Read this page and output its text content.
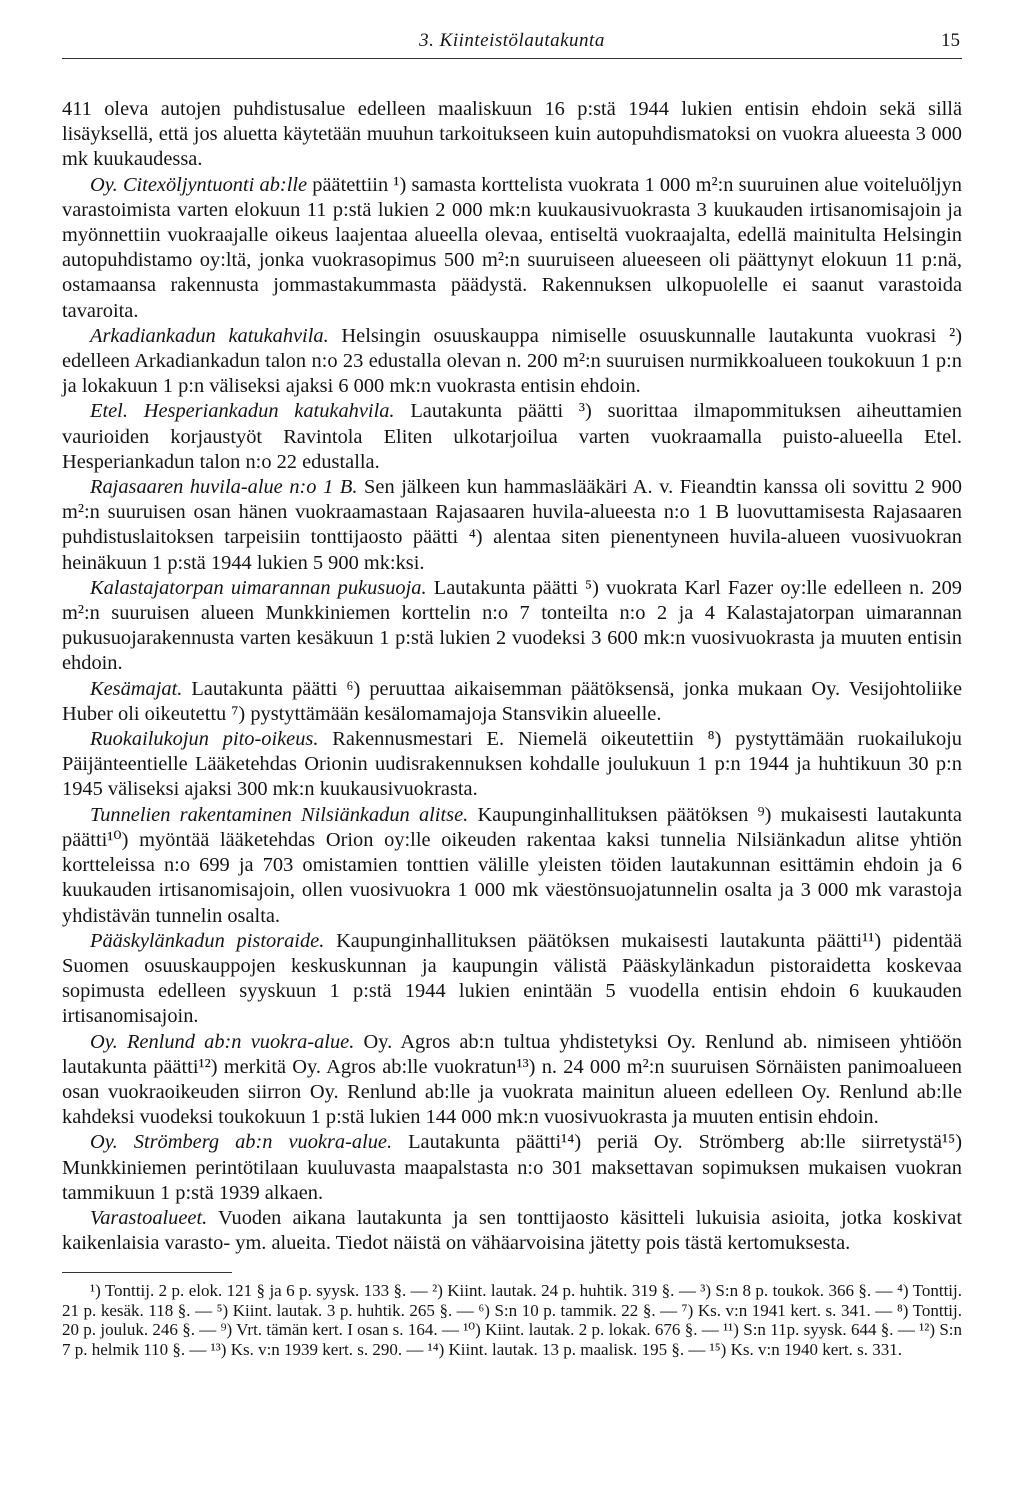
3. Kiinteistölautakunta	15

411 oleva autojen puhdistusalue edelleen maaliskuun 16 p:stä 1944 lukien entisin ehdoin sekä sillä lisäyksellä, että jos aluetta käytetään muuhun tarkoitukseen kuin autopuhdismatoksi on vuokra alueesta 3 000 mk kuukaudessa.

Oy. Citexöljyntuonti ab:lle päätettiin ¹) samasta korttelista vuokrata 1 000 m²:n suuruinen alue voiteluöljyn varastoimista varten elokuun 11 p:stä lukien 2 000 mk:n kuukausivuokrasta 3 kuukauden irtisanomisajoin ja myönnettiin vuokraajalle oikeus laajentaa alueella olevaa, entiseltä vuokraajalta, edellä mainitulta Helsingin autopuhdistamo oy:ltä, jonka vuokrasopimus 500 m²:n suuruiseen alueeseen oli päättynyt elokuun 11 p:nä, ostamaansa rakennusta jommastakummasta päädystä. Rakennuksen ulkopuolelle ei saanut varastoida tavaroita.

Arkadiankadun katukahvila. Helsingin osuuskauppa nimiselle osuuskunnalle lautakunta vuokrasi ²) edelleen Arkadiankadun talon n:o 23 edustalla olevan n. 200 m²:n suuruisen nurmikkoalueen toukokuun 1 p:n ja lokakuun 1 p:n väliseksi ajaksi 6 000 mk:n vuokrasta entisin ehdoin.

Etel. Hesperiankadun katukahvila. Lautakunta päätti ³) suorittaa ilmapommituksen aiheuttamien vaurioiden korjaustyöt Ravintola Eliten ulkotarjoilua varten vuokraamalla puisto-alueella Etel. Hesperiankadun talon n:o 22 edustalla.

Rajasaaren huvila-alue n:o 1 B. Sen jälkeen kun hammaslääkäri A. v. Fieandtin kanssa oli sovittu 2 900 m²:n suuruisen osan hänen vuokraamastaan Rajasaaren huvila-alueesta n:o 1 B luovuttamisesta Rajasaaren puhdistuslaitoksen tarpeisiin tonttijaosto päätti ⁴) alentaa siten pienentyneen huvila-alueen vuosivuokran heinäkuun 1 p:stä 1944 lukien 5 900 mk:ksi.

Kalastajatorpan uimarannan pukusuoja. Lautakunta päätti ⁵) vuokrata Karl Fazer oy:lle edelleen n. 209 m²:n suuruisen alueen Munkkiniemen korttelin n:o 7 tonteilta n:o 2 ja 4 Kalastajatorpan uimarannan pukusuojarakennusta varten kesäkuun 1 p:stä lukien 2 vuodeksi 3 600 mk:n vuosivuokrasta ja muuten entisin ehdoin.

Kesämajat. Lautakunta päätti ⁶) peruuttaa aikaisemman päätöksensä, jonka mukaan Oy. Vesijohtoliike Huber oli oikeutettu ⁷) pystyttämään kesälomamajoja Stansvikin alueelle.

Ruokailukojun pito-oikeus. Rakennusmestari E. Niemelä oikeutettiin ⁸) pystyttämään ruokailukoju Päijänteentielle Lääketehdas Orionin uudisrakennuksen kohdalle joulukuun 1 p:n 1944 ja huhtikuun 30 p:n 1945 väliseksi ajaksi 300 mk:n kuukausivuokrasta.

Tunnelien rakentaminen Nilsiänkadun alitse. Kaupunginhallituksen päätöksen ⁹) mukaisesti lautakunta päätti¹⁰) myöntää lääketehdas Orion oy:lle oikeuden rakentaa kaksi tunnelia Nilsiänkadun alitse yhtiön kortteleissa n:o 699 ja 703 omistamien tonttien välille yleisten töiden lautakunnan esittämin ehdoin ja 6 kuukauden irtisanomisajoin, ollen vuosivuokra 1 000 mk väestönsuojatunnelin osalta ja 3 000 mk varastoja yhdistävän tunnelin osalta.

Pääskylänkadun pistoraide. Kaupunginhallituksen päätöksen mukaisesti lautakunta päätti¹¹) pidentää Suomen osuuskauppojen keskuskunnan ja kaupungin välistä Pääskylänkadun pistoraidetta koskevaa sopimusta edelleen syyskuun 1 p:stä 1944 lukien enintään 5 vuodella entisin ehdoin 6 kuukauden irtisanomisajoin.

Oy. Renlund ab:n vuokra-alue. Oy. Agros ab:n tultua yhdistetyksi Oy. Renlund ab. nimiseen yhtiöön lautakunta päätti¹²) merkitä Oy. Agros ab:lle vuokratun¹³) n. 24 000 m²:n suuruisen Sörnäisten panimoalueen osan vuokraoikeuden siirron Oy. Renlund ab:lle ja vuokrata mainitun alueen edelleen Oy. Renlund ab:lle kahdeksi vuodeksi toukokuun 1 p:stä lukien 144 000 mk:n vuosivuokrasta ja muuten entisin ehdoin.

Oy. Strömberg ab:n vuokra-alue. Lautakunta päätti¹⁴) periä Oy. Strömberg ab:lle siirretystä¹⁵) Munkkiniemen perintötilaan kuuluvasta maapalstasta n:o 301 maksettavan sopimuksen mukaisen vuokran tammikuun 1 p:stä 1939 alkaen.

Varastoalueet. Vuoden aikana lautakunta ja sen tonttijaosto käsitteli lukuisia asioita, jotka koskivat kaikenlaisia varasto- ym. alueita. Tiedot näistä on vähäarvoisina jätetty pois tästä kertomuksesta.

¹) Tonttij. 2 p. elok. 121 § ja 6 p. syysk. 133 §. — ²) Kiint. lautak. 24 p. huhtik. 319 §. — ³) S:n 8 p. toukok. 366 §. — ⁴) Tonttij. 21 p. kesäk. 118 §. — ⁵) Kiint. lautak. 3 p. huhtik. 265 §. — ⁶) S:n 10 p. tammik. 22 §. — ⁷) Ks. v:n 1941 kert. s. 341. — ⁸) Tonttij. 20 p. jouluk. 246 §. — ⁹) Vrt. tämän kert. I osan s. 164. — ¹⁰) Kiint. lautak. 2 p. lokak. 676 §. — ¹¹) S:n 11p. syysk. 644 §. — ¹²) S:n 7 p. helmik 110 §. — ¹³) Ks. v:n 1939 kert. s. 290. — ¹⁴) Kiint. lautak. 13 p. maalisk. 195 §. — ¹⁵) Ks. v:n 1940 kert. s. 331.
